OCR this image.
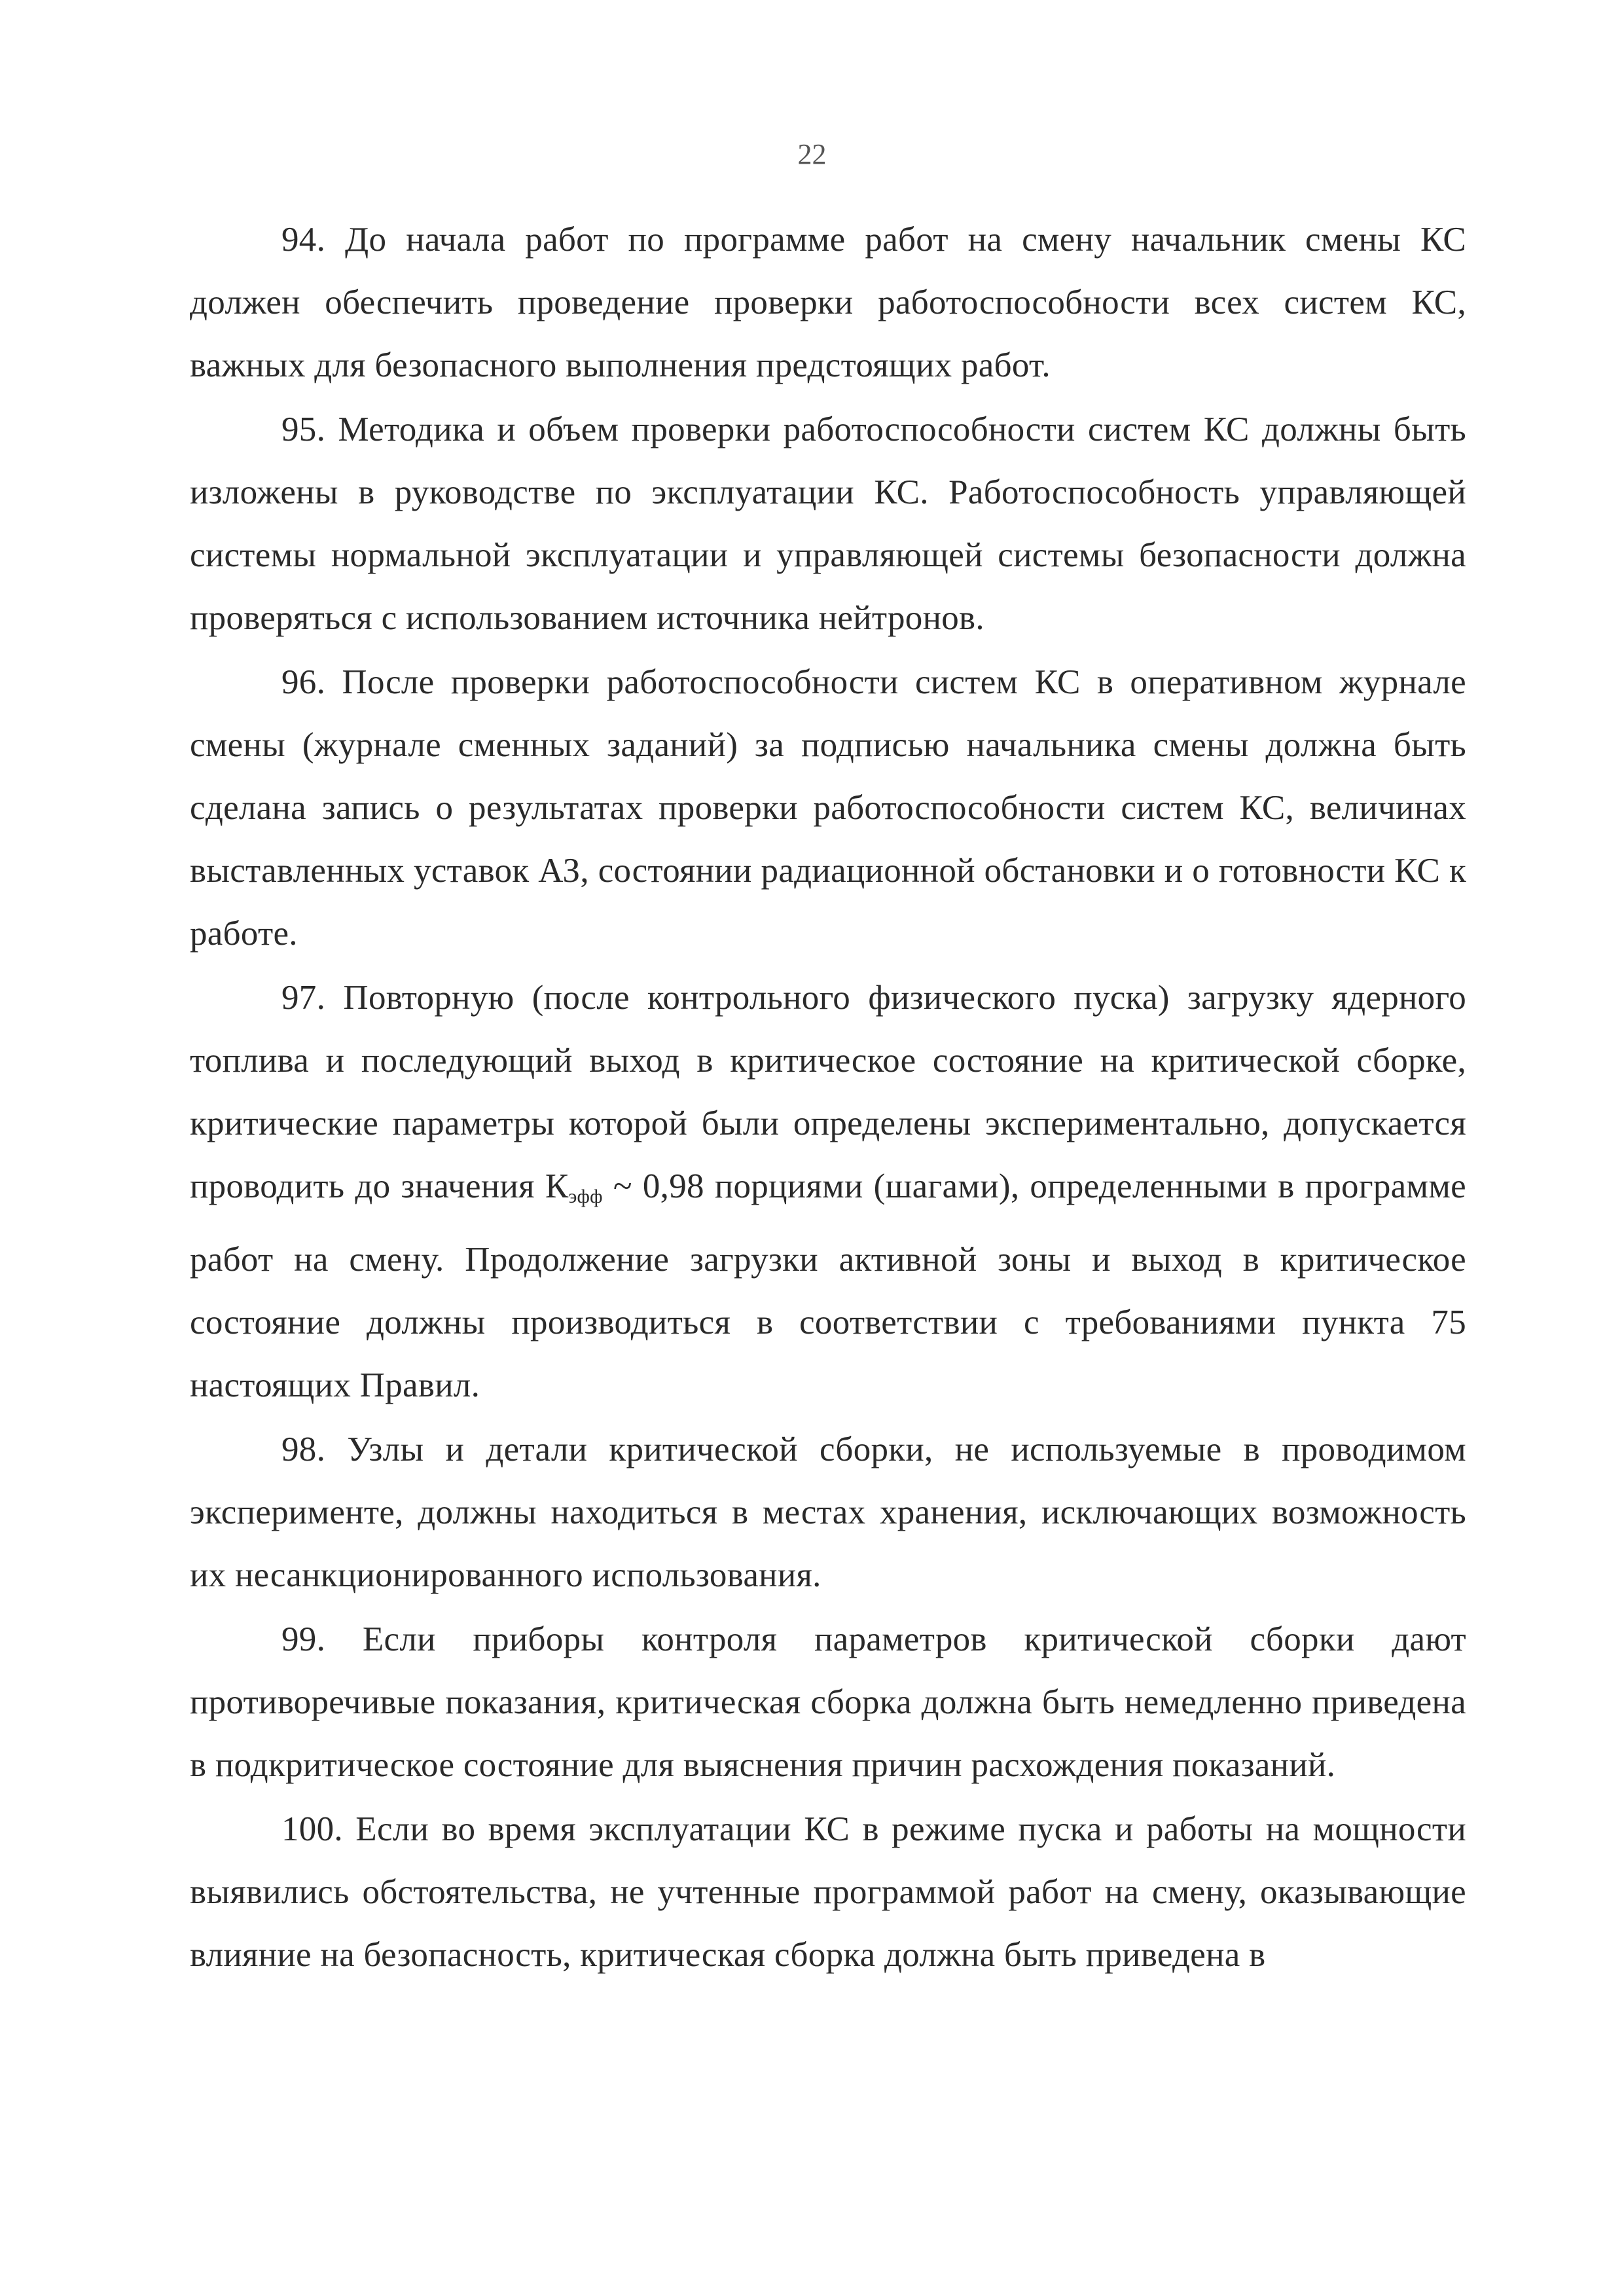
22

94. До начала работ по программе работ на смену начальник смены КС должен обеспечить проведение проверки работоспособности всех систем КС, важных для безопасного выполнения предстоящих работ.

95. Методика и объем проверки работоспособности систем КС должны быть изложены в руководстве по эксплуатации КС. Работоспособность управляющей системы нормальной эксплуатации и управляющей системы безопасности должна проверяться с использованием источника нейтронов.

96. После проверки работоспособности систем КС в оперативном журнале смены (журнале сменных заданий) за подписью начальника смены должна быть сделана запись о результатах проверки работоспособности систем КС, величинах выставленных уставок АЗ, состоянии радиационной обстановки и о готовности КС к работе.

97. Повторную (после контрольного физического пуска) загрузку ядерного топлива и последующий выход в критическое состояние на критической сборке, критические параметры которой были определены экспериментально, допускается проводить до значения $К_{эфф}$ ~ 0,98 порциями (шагами), определенными в программе работ на смену. Продолжение загрузки активной зоны и выход в критическое состояние должны производиться в соответствии с требованиями пункта 75 настоящих Правил.

98. Узлы и детали критической сборки, не используемые в проводимом эксперименте, должны находиться в местах хранения, исключающих возможность их несанкционированного использования.

99. Если приборы контроля параметров критической сборки дают противоречивые показания, критическая сборка должна быть немедленно приведена в подкритическое состояние для выяснения причин расхождения показаний.

100. Если во время эксплуатации КС в режиме пуска и работы на мощности выявились обстоятельства, не учтенные программой работ на смену, оказывающие влияние на безопасность, критическая сборка должна быть приведена в
